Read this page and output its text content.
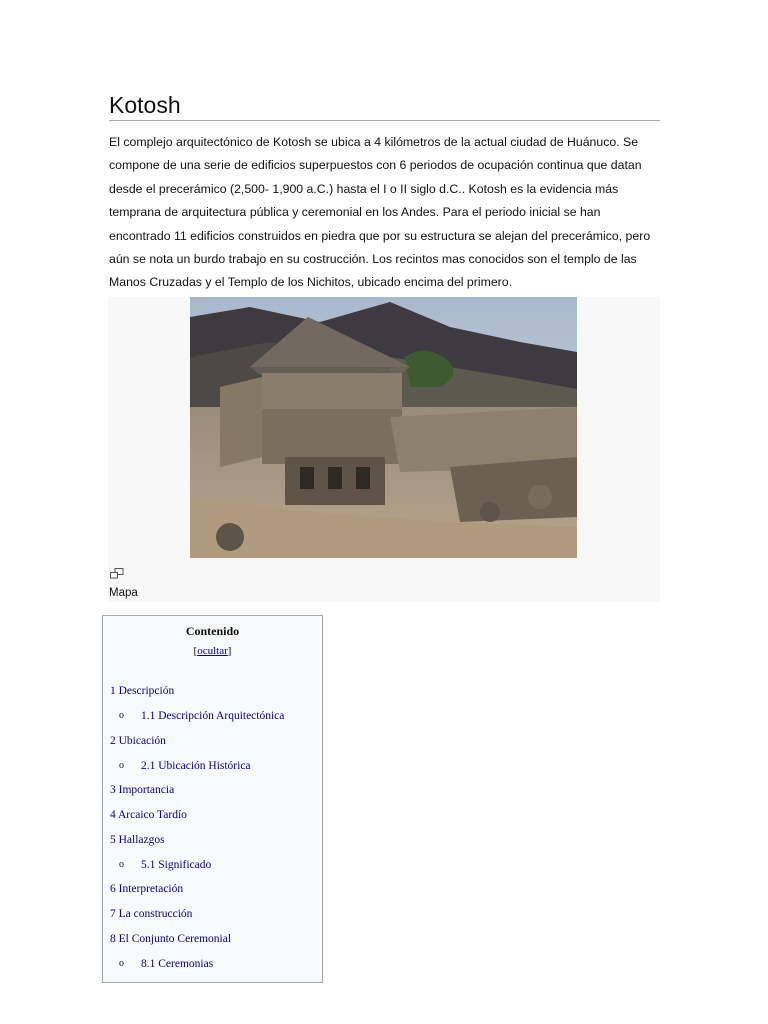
Kotosh

El complejo arquitectónico de Kotosh se ubica a 4 kilómetros de la actual ciudad de Huánuco. Se compone de una serie de edificios superpuestos con 6 periodos de ocupación continua que datan desde el precerámico (2,500- 1,900 a.C.) hasta el I o II siglo d.C.. Kotosh es la evidencia más temprana de arquitectura pública y ceremonial en los Andes. Para el periodo inicial se han encontrado 11 edificios construidos en piedra que por su estructura se alejan del precerámico, pero aún se nota un burdo trabajo en su costrucción. Los recintos mas conocidos son el templo de las Manos Cruzadas y el Templo de los Nichitos, ubicado encima del primero.

Mapa
Contenido
[ocultar]
1 Descripción
o 1.1 Descripción Arquitectónica
2 Ubicación
o 2.1 Ubicación Histórica
3 Importancia
4 Arcaico Tardío
5 Hallazgos
o 5.1 Significado
6 Interpretación
7 La construcción
8 El Conjunto Ceremonial
o 8.1 Ceremonias
